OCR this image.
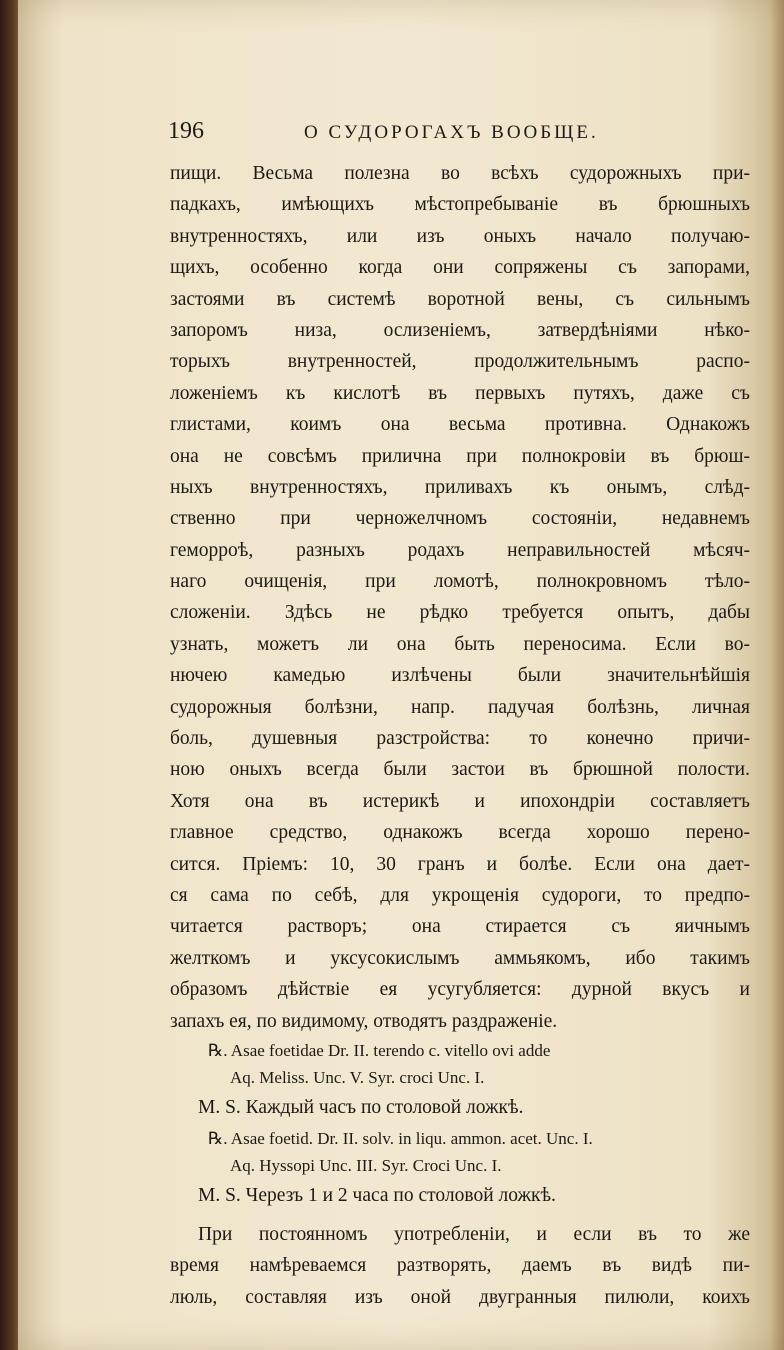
196	О СУДОРОГАХЪ ВООБЩЕ.
пищи. Весьма полезна во всѣхъ судорожныхъ при-
падкахъ, имѣющихъ мѣстопребываніе въ брюшныхъ
внутренностяхъ, или изъ оныхъ начало получаю-
щихъ, особенно когда они сопряжены съ запорами,
застоями въ системѣ воротной вены, съ сильнымъ
запоромъ низа, ослизеніемъ, затвердѣніями нѣко-
торыхъ внутренностей, продолжительнымъ распо-
ложеніемъ къ кислотѣ въ первыхъ путяхъ, даже съ
глистами, коимъ она весьма противна. Однакожъ
она не совсѣмъ прилична при полнокровіи въ брюш-
ныхъ внутренностяхъ, приливахъ къ онымъ, слѣд-
ственно при черножелчномъ состояніи, недавнемъ
геморроѣ, разныхъ родахъ неправильностей мѣсяч-
наго очищенія, при ломотѣ, полнокровномъ тѣло-
сложеніи. Здѣсь не рѣдко требуется опытъ, дабы
узнать, можетъ ли она быть переносима. Если во-
нючею камедью излѣчены были значительнѣйшія
судорожныя болѣзни, напр. падучая болѣзнь, личная
боль, душевныя разстройства: то конечно причи-
ною оныхъ всегда были застои въ брюшной полости.
Хотя она въ истерикѣ и ипохондріи составляетъ
главное средство, однакожъ всегда хорошо перено-
сится. Пріемъ: 10, 30 гранъ и болѣе. Если она дает-
ся сама по себѣ, для укрощенія судороги, то предпо-
читается растворъ; она стирается съ яичнымъ
желткомъ и уксусокислымъ аммьякомъ, ибо такимъ
образомъ дѣйствіе ея усугубляется: дурной вкусъ и
запахъ ея, по видимому, отводятъ раздраженіе.
℞. Asae foetidae Dr. II. terendo c. vitello ovi adde
Aq. Meliss. Unc. V. Syr. croci Unc. I.
M. S. Каждый часъ по столовой ложкѣ.
℞. Asae foetid. Dr. II. solv. in liqu. ammon. acet. Unc. I.
Aq. Hyssopi Unc. III. Syr. Croci Unc. I.
M. S. Черезъ 1 и 2 часа по столовой ложкѣ.
При постоянномъ употребленіи, и если въ то же
время намѣреваемся разтворять, даемъ въ видѣ пи-
люль, составляя изъ оной двугранныя пилюли, коихъ
